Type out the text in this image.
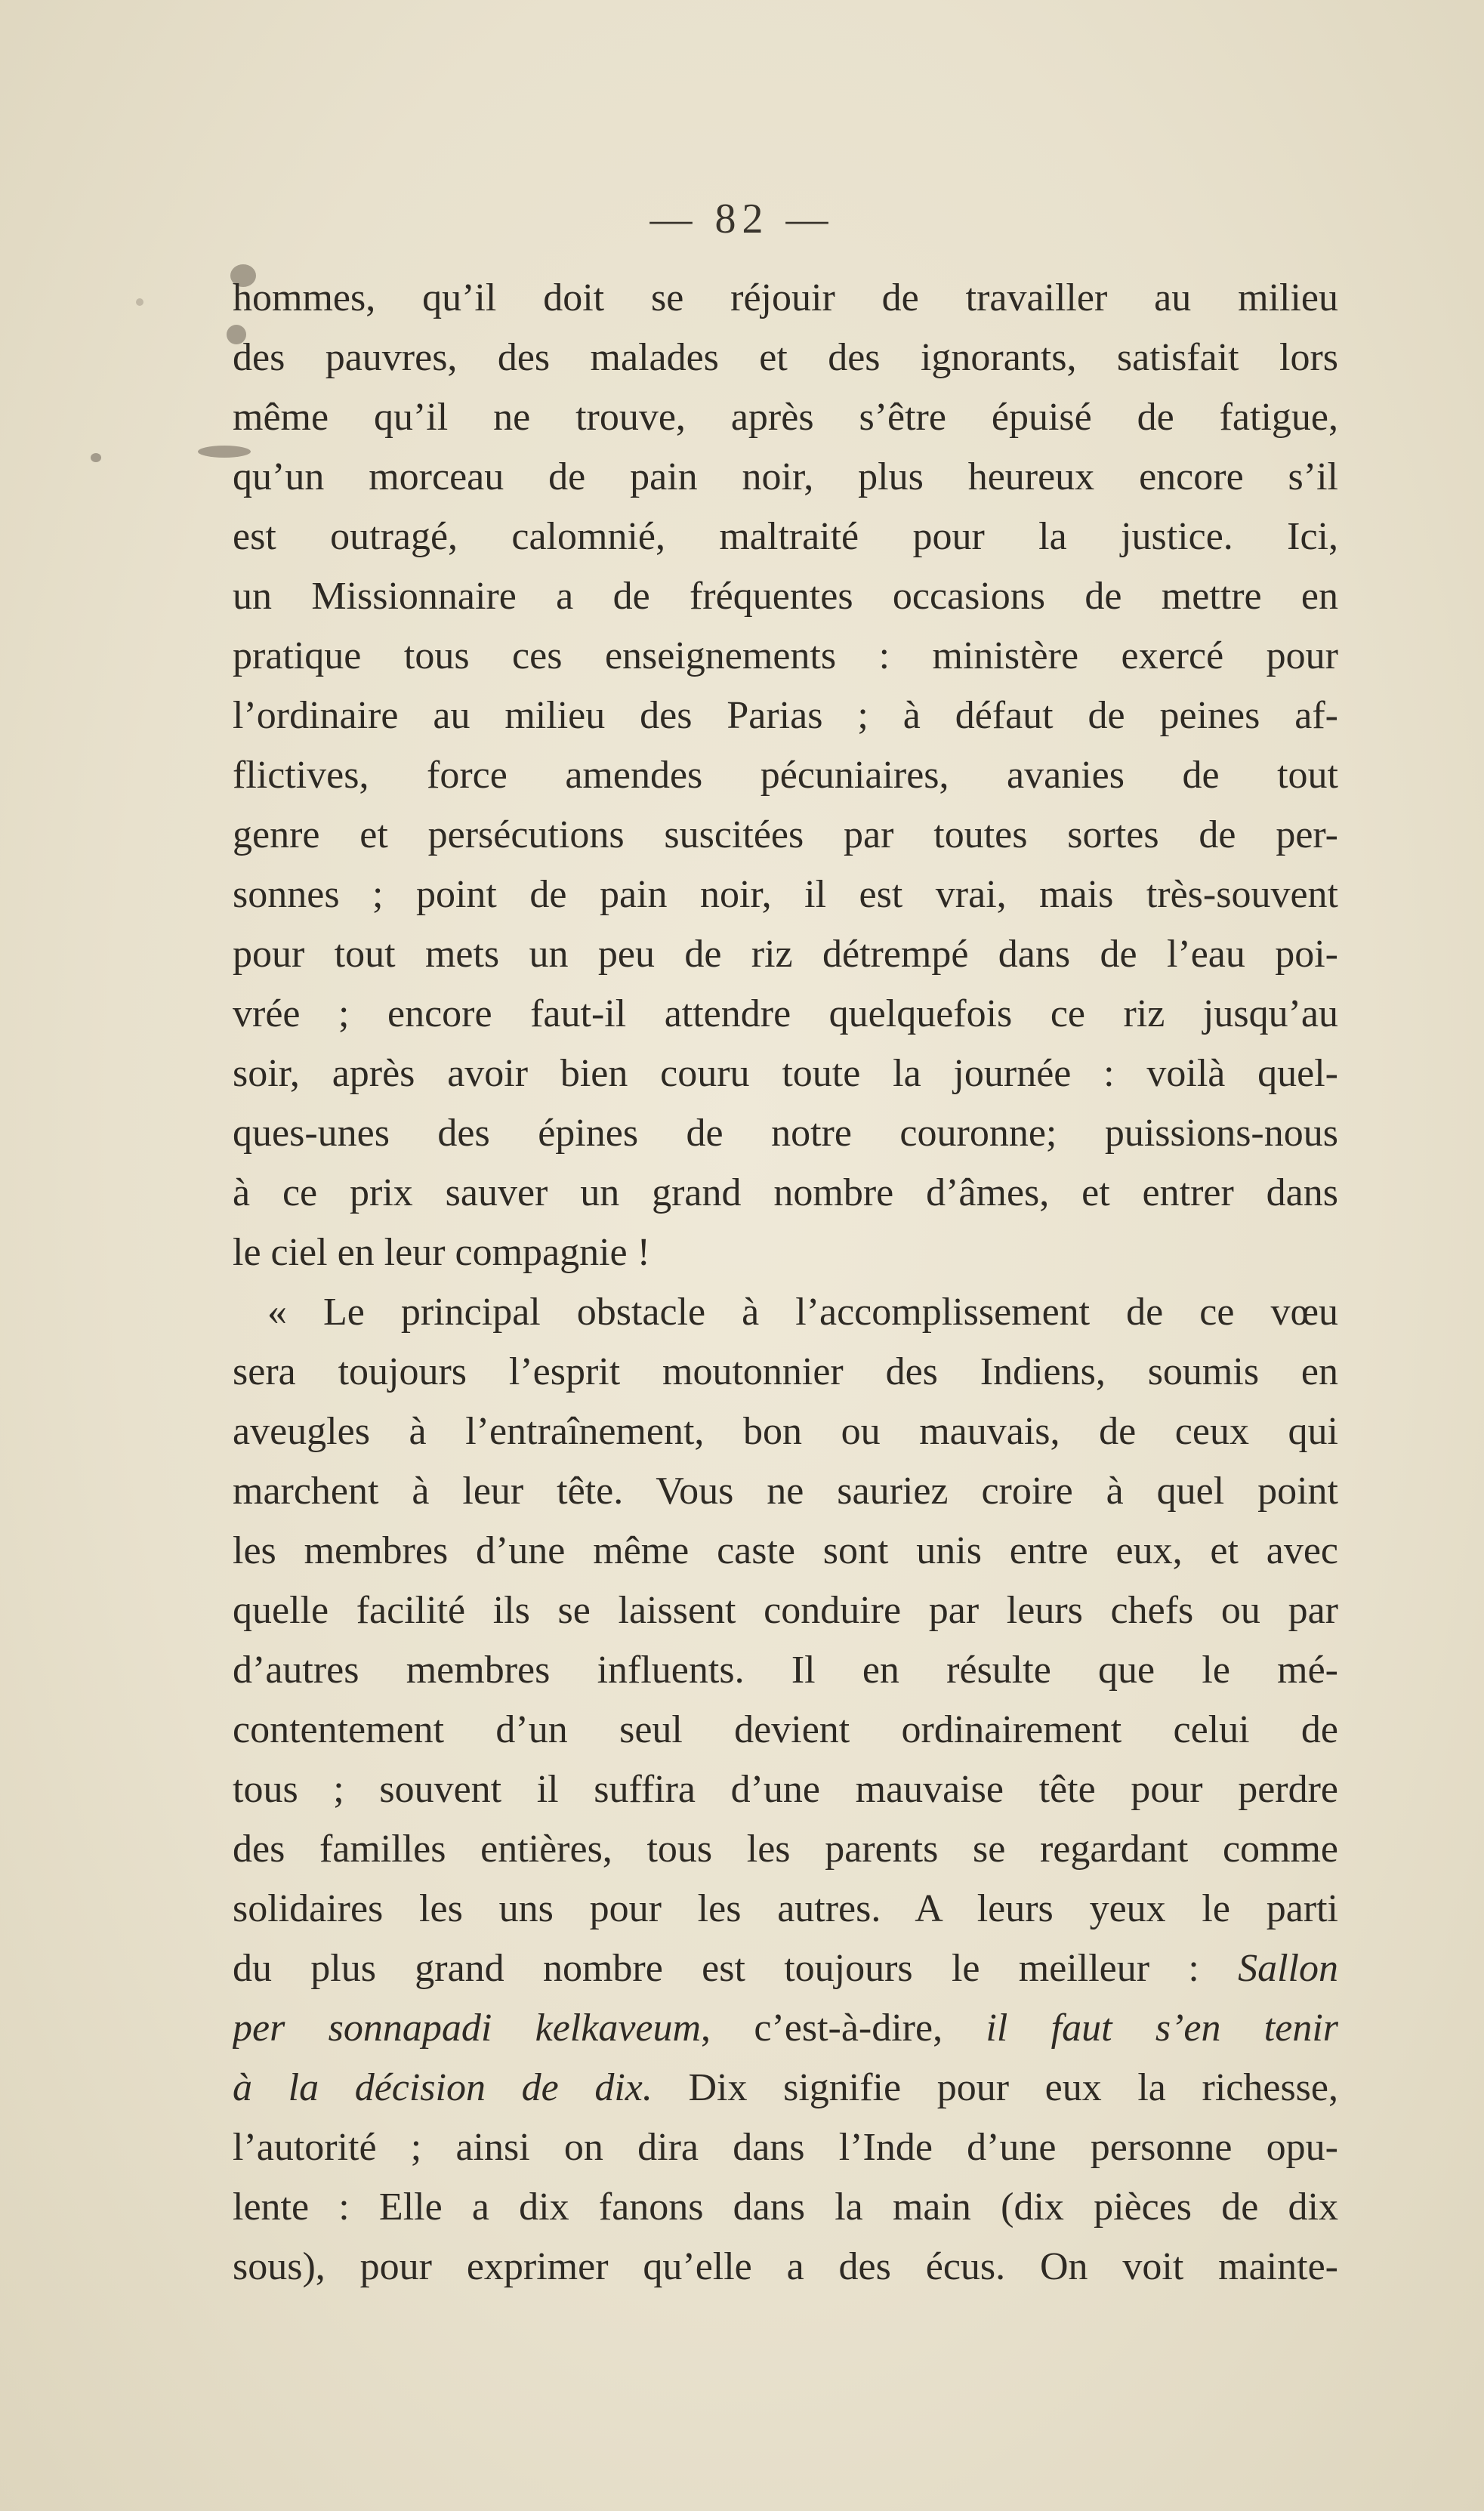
— 82 —
hommes, qu’il doit se réjouir de travailler au milieu
des pauvres, des malades et des ignorants, satisfait lors
même qu’il ne trouve, après s’être épuisé de fatigue,
qu’un morceau de pain noir, plus heureux encore s’il
est outragé, calomnié, maltraité pour la justice. Ici,
un Missionnaire a de fréquentes occasions de mettre en
pratique tous ces enseignements : ministère exercé pour
l’ordinaire au milieu des Parias ; à défaut de peines af-
flictives, force amendes pécuniaires, avanies de tout
genre et persécutions suscitées par toutes sortes de per-
sonnes ; point de pain noir, il est vrai, mais très-souvent
pour tout mets un peu de riz détrempé dans de l’eau poi-
vrée ; encore faut-il attendre quelquefois ce riz jusqu’au
soir, après avoir bien couru toute la journée : voilà quel-
ques-unes des épines de notre couronne; puissions-nous
à ce prix sauver un grand nombre d’âmes, et entrer dans
le ciel en leur compagnie !
« Le principal obstacle à l’accomplissement de ce vœu
sera toujours l’esprit moutonnier des Indiens, soumis en
aveugles à l’entraînement, bon ou mauvais, de ceux qui
marchent à leur tête. Vous ne sauriez croire à quel point
les membres d’une même caste sont unis entre eux, et avec
quelle facilité ils se laissent conduire par leurs chefs ou par
d’autres membres influents. Il en résulte que le mé-
contentement d’un seul devient ordinairement celui de
tous ; souvent il suffira d’une mauvaise tête pour perdre
des familles entières, tous les parents se regardant comme
solidaires les uns pour les autres. A leurs yeux le parti
du plus grand nombre est toujours le meilleur : Sallon
per sonnapadi kelkaveum, c’est-à-dire, il faut s’en tenir
à la décision de dix. Dix signifie pour eux la richesse,
l’autorité ; ainsi on dira dans l’Inde d’une personne opu-
lente : Elle a dix fanons dans la main (dix pièces de dix
sous), pour exprimer qu’elle a des écus. On voit mainte-
